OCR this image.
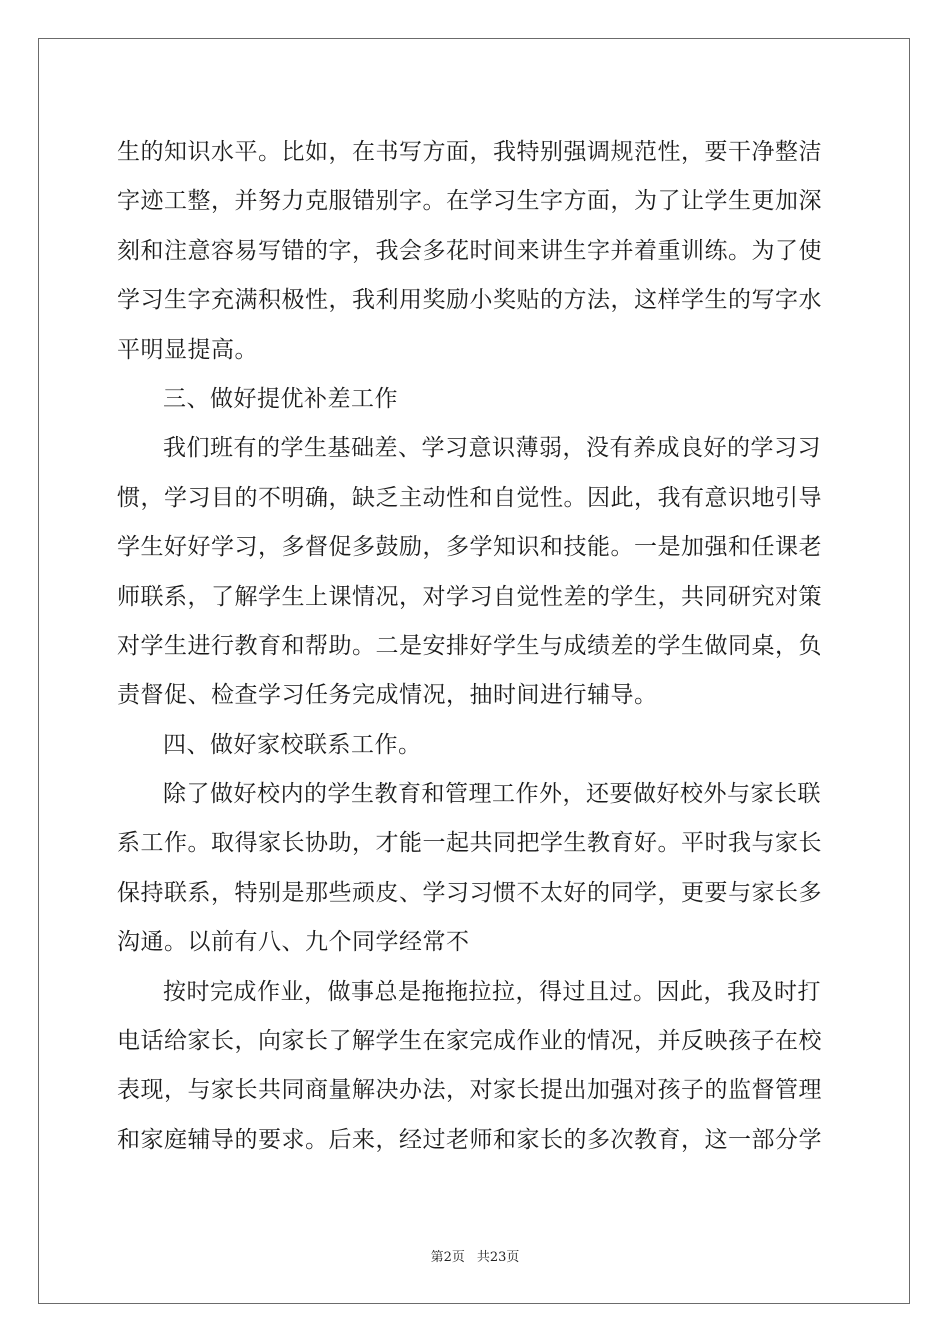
生的知识水平。比如，在书写方面，我特别强调规范性，要干净整洁
字迹工整，并努力克服错别字。在学习生字方面，为了让学生更加深
刻和注意容易写错的字，我会多花时间来讲生字并着重训练。为了使
学习生字充满积极性，我利用奖励小奖贴的方法，这样学生的写字水
平明显提高。
三、做好提优补差工作
我们班有的学生基础差、学习意识薄弱，没有养成良好的学习习
惯，学习目的不明确，缺乏主动性和自觉性。因此，我有意识地引导
学生好好学习，多督促多鼓励，多学知识和技能。一是加强和任课老
师联系，了解学生上课情况，对学习自觉性差的学生，共同研究对策
对学生进行教育和帮助。二是安排好学生与成绩差的学生做同桌，负
责督促、检查学习任务完成情况，抽时间进行辅导。
四、做好家校联系工作。
除了做好校内的学生教育和管理工作外，还要做好校外与家长联
系工作。取得家长协助，才能一起共同把学生教育好。平时我与家长
保持联系，特别是那些顽皮、学习习惯不太好的同学，更要与家长多
沟通。以前有八、九个同学经常不
按时完成作业，做事总是拖拖拉拉，得过且过。因此，我及时打
电话给家长，向家长了解学生在家完成作业的情况，并反映孩子在校
表现，与家长共同商量解决办法，对家长提出加强对孩子的监督管理
和家庭辅导的要求。后来，经过老师和家长的多次教育，这一部分学
第2页 共23页
